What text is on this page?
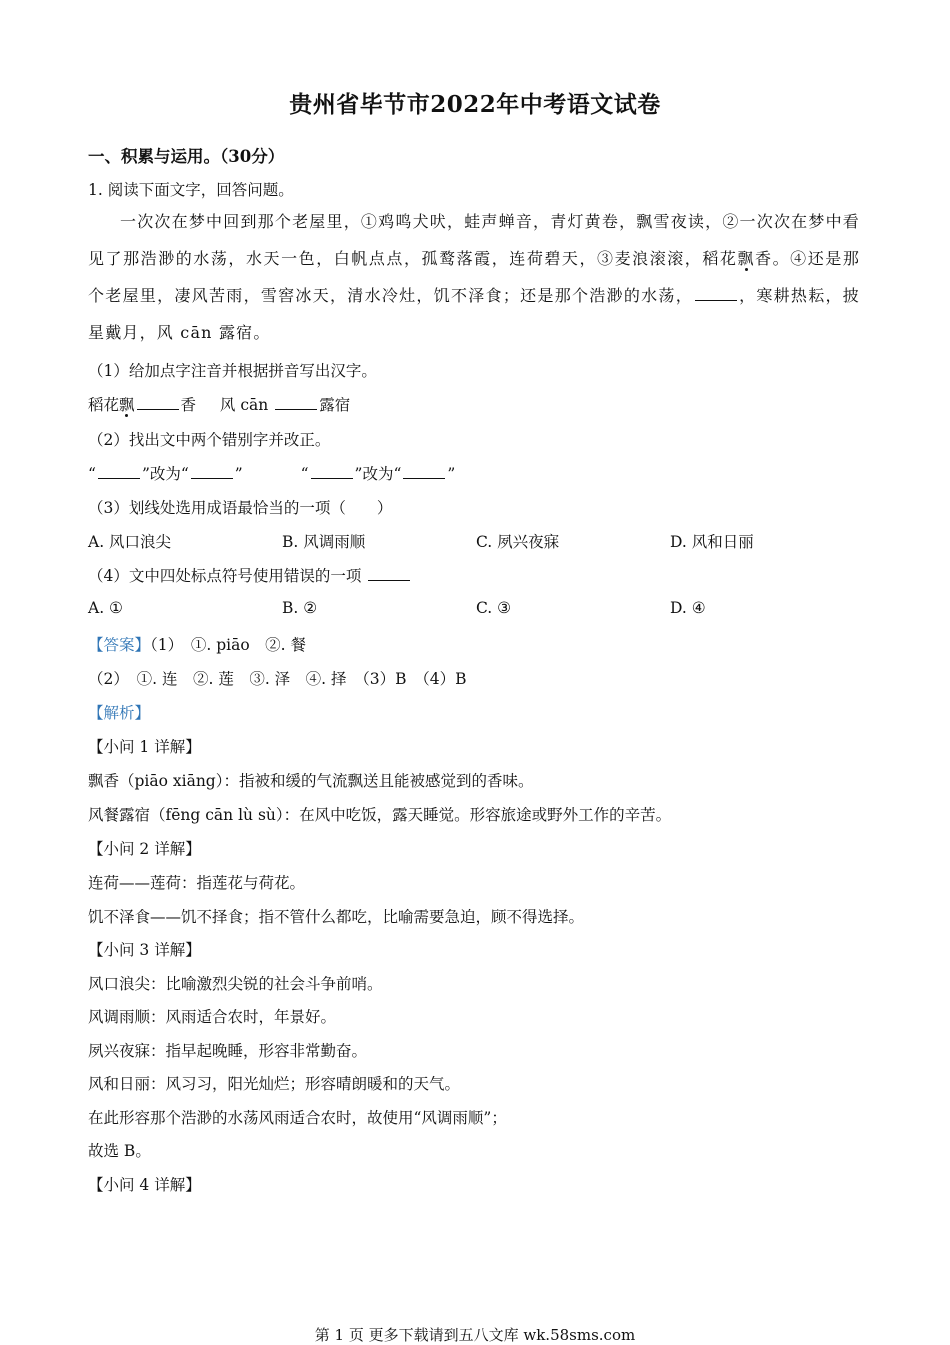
贵州省毕节市2022年中考语文试卷
一、积累与运用。（30分）
1. 阅读下面文字，回答问题。
一次次在梦中回到那个老屋里，①鸡鸣犬吠，蛙声蝉音，青灯黄卷，飘雪夜读，②一次次在梦中看见了那浩渺的水荡，水天一色，白帆点点，孤鹜落霞，连荷碧天，③麦浪滚滚，稻花飘香。④还是那个老屋里，凄风苦雨，雪窖冰天，清水冷灶，饥不泽食；还是那个浩渺的水荡，	，寒耕热耘，披星戴月，风 cān 露宿。
（1）给加点字注音并根据拼音写出汉字。
稻花飘	香 风 cān	露宿
（2）找出文中两个错别字并改正。
“	”改为“	”	“	”改为“	”
（3）划线处选用成语最恰当的一项（　　）
A. 风口浪尖	B. 风调雨顺	C. 夙兴夜寐	D. 风和日丽
（4）文中四处标点符号使用错误的一项
A. ①	B. ②	C. ③	D. ④
【答案】（1）　①. piāo　②. 餐
（2）　①. 连　②. 莲　③. 泽　④. 择　（3）B　（4）B
【解析】
【小问 1 详解】
飘香（piāo xiāng）：指被和缓的气流飘送且能被感觉到的香味。
风餐露宿（fēng cān lù sù）：在风中吃饭，露天睡觉。形容旅途或野外工作的辛苦。
【小问 2 详解】
连荷——莲荷：指莲花与荷花。
饥不泽食——饥不择食；指不管什么都吃，比喻需要急迫，顾不得选择。
【小问 3 详解】
风口浪尖：比喻激烈尖锐的社会斗争前哨。
风调雨顺：风雨适合农时，年景好。
夙兴夜寐：指早起晚睡，形容非常勤奋。
风和日丽：风习习，阳光灿烂；形容晴朗暖和的天气。
在此形容那个浩渺的水荡风雨适合农时，故使用“风调雨顺”；
故选 B。
【小问 4 详解】
第 1 页 更多下载请到五八文库 wk.58sms.com
